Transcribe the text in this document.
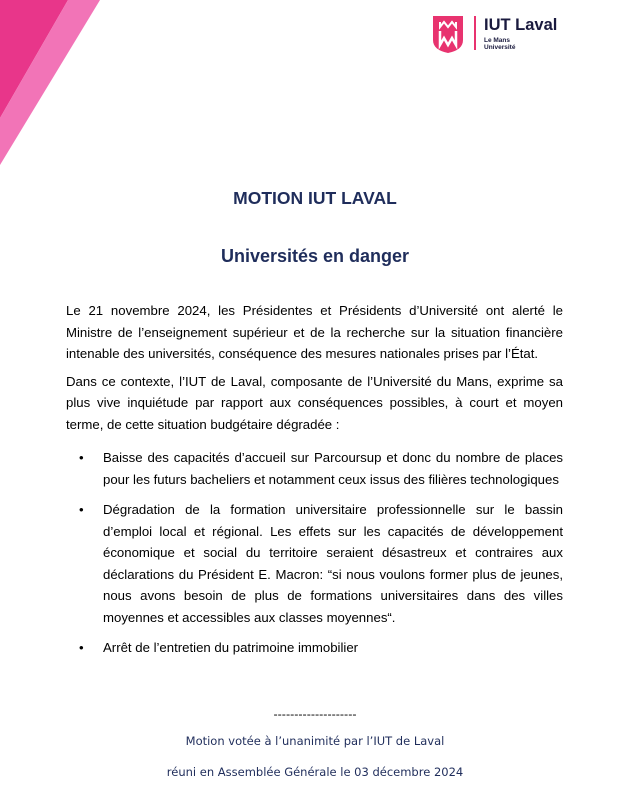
IUT Laval
Le Mans
Université
MOTION IUT LAVAL
Universités en danger

Le 21 novembre 2024, les Présidentes et Présidents d’Université ont alerté le Ministre de l’enseignement supérieur et de la recherche sur la situation financière intenable des universités, conséquence des mesures nationales prises par l’État.

Dans ce contexte, l’IUT de Laval, composante de l’Université du Mans, exprime sa plus vive inquiétude par rapport aux conséquences possibles, à court et moyen terme, de cette situation budgétaire dégradée :

• Baisse des capacités d’accueil sur Parcoursup et donc du nombre de places pour les futurs bacheliers et notamment ceux issus des filières technologiques
• Dégradation de la formation universitaire professionnelle sur le bassin d’emploi local et régional. Les effets sur les capacités de développement économique et social du territoire seraient désastreux et contraires aux déclarations du Président E. Macron: “si nous voulons former plus de jeunes, nous avons besoin de plus de formations universitaires dans des villes moyennes et accessibles aux classes moyennes“.
• Arrêt de l’entretien du patrimoine immobilier
--------------------
Motion votée à l’unanimité par l’IUT de Laval
réuni en Assemblée Générale le 03 décembre 2024
